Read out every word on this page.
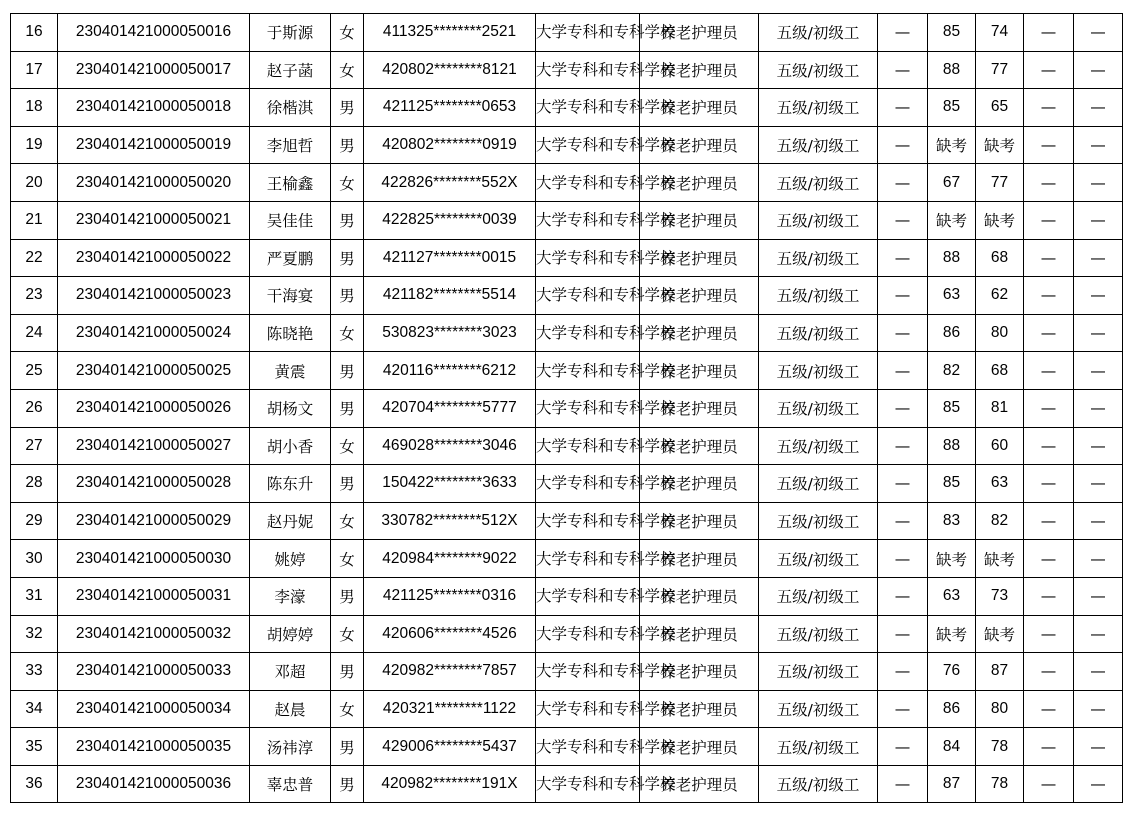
16	230401421000050016	于斯源	女	411325********2521	大学专科和专科学校	养老护理员	五级/初级工	—	85	74	—	—
17	230401421000050017	赵子菡	女	420802********8121	大学专科和专科学校	养老护理员	五级/初级工	—	88	77	—	—
18	230401421000050018	徐楷淇	男	421125********0653	大学专科和专科学校	养老护理员	五级/初级工	—	85	65	—	—
19	230401421000050019	李旭哲	男	420802********0919	大学专科和专科学校	养老护理员	五级/初级工	—	缺考	缺考	—	—
20	230401421000050020	王榆鑫	女	422826********552X	大学专科和专科学校	养老护理员	五级/初级工	—	67	77	—	—
21	230401421000050021	吴佳佳	男	422825********0039	大学专科和专科学校	养老护理员	五级/初级工	—	缺考	缺考	—	—
22	230401421000050022	严夏鹏	男	421127********0015	大学专科和专科学校	养老护理员	五级/初级工	—	88	68	—	—
23	230401421000050023	干海宴	男	421182********5514	大学专科和专科学校	养老护理员	五级/初级工	—	63	62	—	—
24	230401421000050024	陈晓艳	女	530823********3023	大学专科和专科学校	养老护理员	五级/初级工	—	86	80	—	—
25	230401421000050025	黄震	男	420116********6212	大学专科和专科学校	养老护理员	五级/初级工	—	82	68	—	—
26	230401421000050026	胡杨文	男	420704********5777	大学专科和专科学校	养老护理员	五级/初级工	—	85	81	—	—
27	230401421000050027	胡小香	女	469028********3046	大学专科和专科学校	养老护理员	五级/初级工	—	88	60	—	—
28	230401421000050028	陈东升	男	150422********3633	大学专科和专科学校	养老护理员	五级/初级工	—	85	63	—	—
29	230401421000050029	赵丹妮	女	330782********512X	大学专科和专科学校	养老护理员	五级/初级工	—	83	82	—	—
30	230401421000050030	姚婷	女	420984********9022	大学专科和专科学校	养老护理员	五级/初级工	—	缺考	缺考	—	—
31	230401421000050031	李濠	男	421125********0316	大学专科和专科学校	养老护理员	五级/初级工	—	63	73	—	—
32	230401421000050032	胡婷婷	女	420606********4526	大学专科和专科学校	养老护理员	五级/初级工	—	缺考	缺考	—	—
33	230401421000050033	邓超	男	420982********7857	大学专科和专科学校	养老护理员	五级/初级工	—	76	87	—	—
34	230401421000050034	赵晨	女	420321********1122	大学专科和专科学校	养老护理员	五级/初级工	—	86	80	—	—
35	230401421000050035	汤祎淳	男	429006********5437	大学专科和专科学校	养老护理员	五级/初级工	—	84	78	—	—
36	230401421000050036	辜忠普	男	420982********191X	大学专科和专科学校	养老护理员	五级/初级工	—	87	78	—	—
